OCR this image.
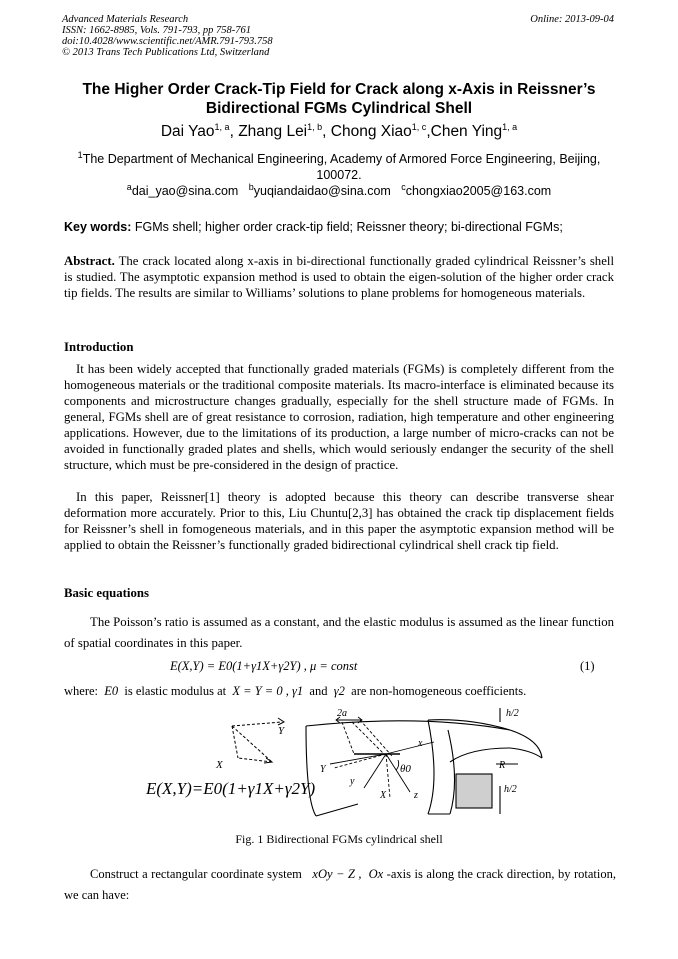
Advanced Materials Research
ISSN: 1662-8985, Vols. 791-793, pp 758-761
doi:10.4028/www.scientific.net/AMR.791-793.758
© 2013 Trans Tech Publications Ltd, Switzerland
Online: 2013-09-04
The Higher Order Crack-Tip Field for Crack along x-Axis in Reissner’s
Bidirectional FGMs Cylindrical Shell
Dai Yao$^{1, a}$, Zhang Lei$^{1, b}$, Chong Xiao$^{1, c}$,Chen Ying$^{1, a}$
$^1$The Department of Mechanical Engineering, Academy of Armored Force Engineering, Beijing, 100072.
$^a$dai_yao@sina.com $^b$yuqiandaidao@sina.com $^c$chongxiao2005@163.com
Key words: FGMs shell; higher order crack-tip field; Reissner theory; bi-directional FGMs;
Abstract. The crack located along x-axis in bi-directional functionally graded cylindrical Reissner’s shell is studied. The asymptotic expansion method is used to obtain the eigen-solution of the higher order crack tip fields. The results are similar to Williams’ solutions to plane problems for homogeneous materials.
Introduction
It has been widely accepted that functionally graded materials (FGMs) is completely different from the homogeneous materials or the traditional composite materials. Its macro-interface is eliminated because its components and microstructure changes gradually, especially for the shell structure made of FGMs. In general, FGMs shell are of great resistance to corrosion, radiation, high temperature and other engineering applications. However, due to the limitations of its production, a large number of micro-cracks can not be avoided in functionally graded plates and shells, which would seriously endanger the security of the shell structure, which must be pre-considered in the design of practice.
In this paper, Reissner[1] theory is adopted because this theory can describe transverse shear deformation more accurately. Prior to this, Liu Chuntu[2,3] has obtained the crack tip displacement fields for Reissner’s shell in fomogeneous materials, and in this paper the asymptotic expansion method will be applied to obtain the Reissner’s functionally graded bidirectional cylindrical shell crack tip field.
Basic equations
The Poisson’s ratio is assumed as a constant, and the elastic modulus is assumed as the linear function of spatial coordinates in this paper.
E(X,Y) = E0(1+γ1X+γ2Y) , μ = const	(1)
where: E0 is elastic modulus at X = Y = 0 , γ1 and γ2 are non-homogeneous coefficients.
Y
X
E(X,Y)=E0(1+γ1X+γ2Y)
2a	h/2
h/2
x
θ0
Y
y
X	z
R
Fig. 1 Bidirectional FGMs cylindrical shell
Construct a rectangular coordinate system xOy − Z , Ox -axis is along the crack direction, by rotation, we can have:
